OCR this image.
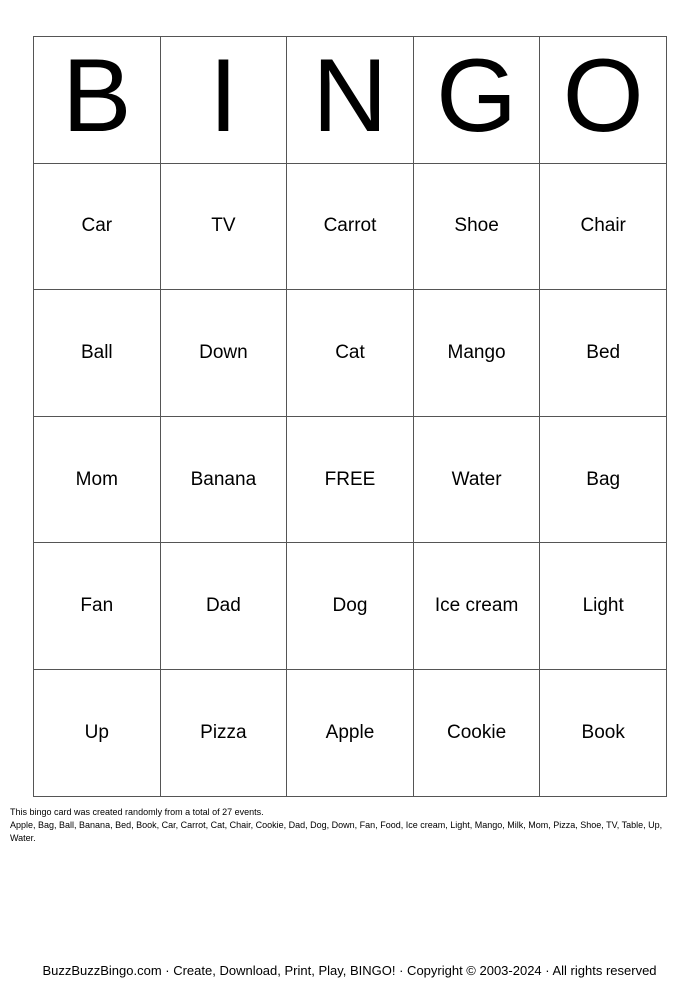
B	I	N	G	O
Car	TV	Carrot	Shoe	Chair
Ball	Down	Cat	Mango	Bed
Mom	Banana	FREE	Water	Bag
Fan	Dad	Dog	Ice cream	Light
Up	Pizza	Apple	Cookie	Book

This bingo card was created randomly from a total of 27 events.

Apple, Bag, Ball, Banana, Bed, Book, Car, Carrot, Cat, Chair, Cookie, Dad, Dog, Down, Fan, Food, Ice cream, Light, Mango, Milk, Mom, Pizza, Shoe, TV, Table, Up, Water.

BuzzBuzzBingo.com · Create, Download, Print, Play, BINGO! · Copyright © 2003-2024 · All rights reserved
